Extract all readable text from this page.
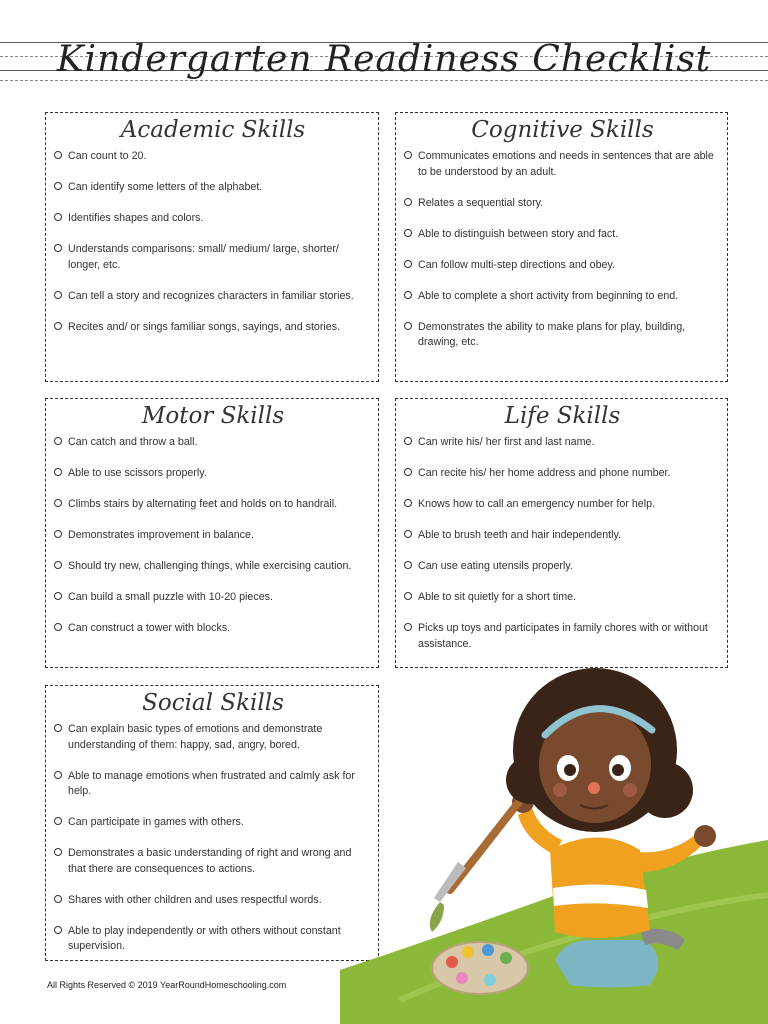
Kindergarten Readiness Checklist
Academic Skills
Can count to 20.
Can identify some letters of the alphabet.
Identifies shapes and colors.
Understands comparisons: small/ medium/ large, shorter/ longer, etc.
Can tell a story and recognizes characters in familiar stories.
Recites and/ or sings familiar songs, sayings, and stories.
Cognitive Skills
Communicates emotions and needs in sentences that are able to be understood by an adult.
Relates a sequential story.
Able to distinguish between story and fact.
Can follow multi-step directions and obey.
Able to complete a short activity from beginning to end.
Demonstrates the ability to make plans for play, building, drawing, etc.
Motor Skills
Can catch and throw a ball.
Able to use scissors properly.
Climbs stairs by alternating feet and holds on to handrail.
Demonstrates improvement in balance.
Should try new, challenging things, while exercising caution.
Can build a small puzzle with 10-20 pieces.
Can construct a tower with blocks.
Life Skills
Can write his/ her first and last name.
Can recite his/ her home address and phone number.
Knows how to call an emergency number for help.
Able to brush teeth and hair independently.
Can use eating utensils properly.
Able to sit quietly for a short time.
Picks up toys and participates in family chores with or without assistance.
Social Skills
Can explain basic types of emotions and demonstrate understanding of them: happy, sad, angry, bored.
Able to manage emotions when frustrated and calmly ask for help.
Can participate in games with others.
Demonstrates a basic understanding of right and wrong and that there are consequences to actions.
Shares with other children and uses respectful words.
Able to play independently or with others without constant supervision.
All Rights Reserved © 2019 YearRoundHomeschooling.com
